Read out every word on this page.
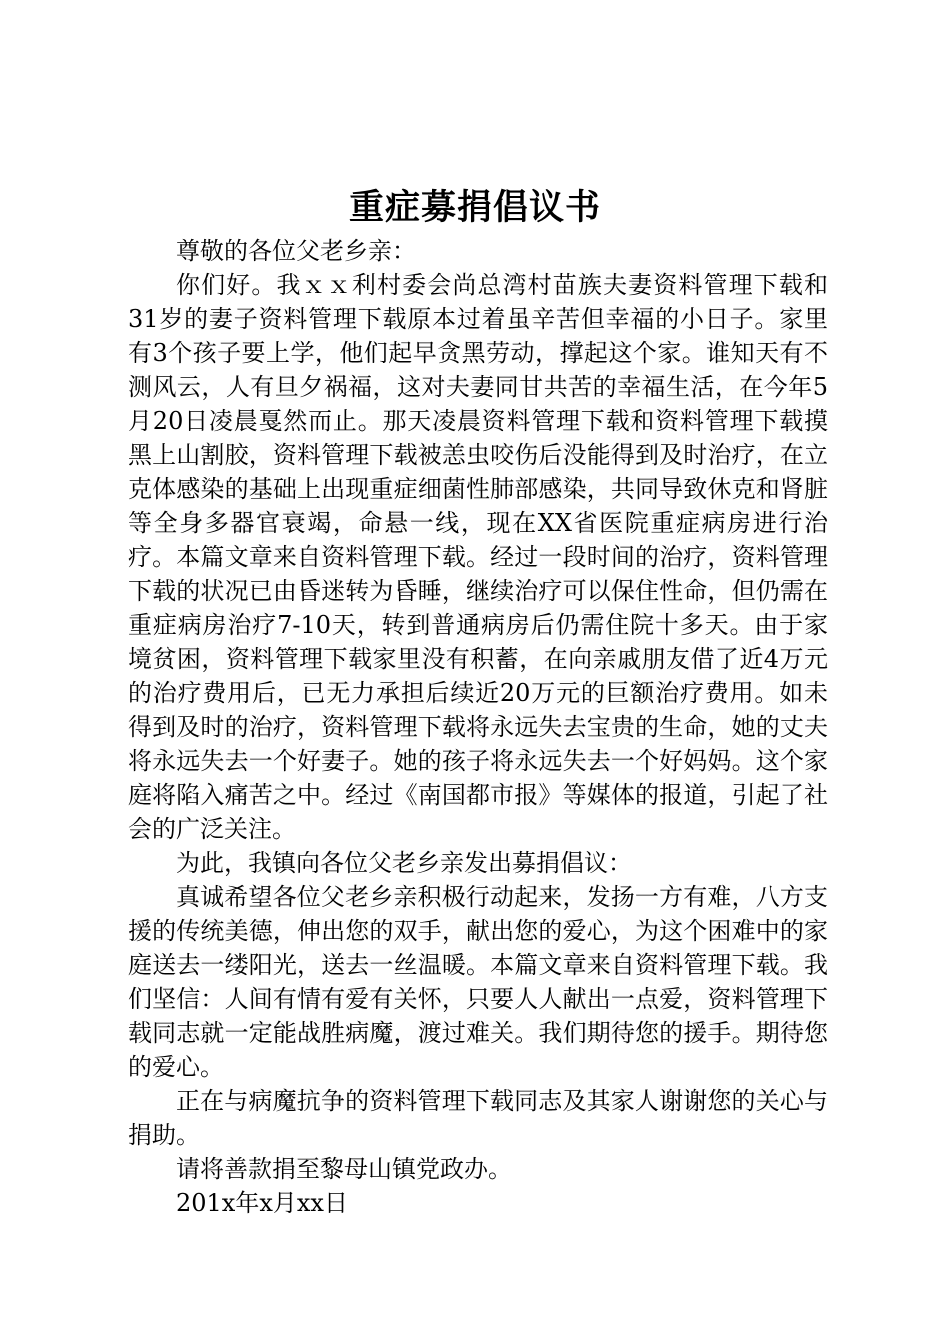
重症募捐倡议书

尊敬的各位父老乡亲：

你们好。我ｘｘ利村委会尚总湾村苗族夫妻资料管理下载和31岁的妻子资料管理下载原本过着虽辛苦但幸福的小日子。家里有3个孩子要上学，他们起早贪黑劳动，撑起这个家。谁知天有不测风云，人有旦夕祸福，这对夫妻同甘共苦的幸福生活，在今年5月20日凌晨戛然而止。那天凌晨资料管理下载和资料管理下载摸黑上山割胶，资料管理下载被恙虫咬伤后没能得到及时治疗，在立克体感染的基础上出现重症细菌性肺部感染，共同导致休克和肾脏等全身多器官衰竭，命悬一线，现在XX省医院重症病房进行治疗。本篇文章来自资料管理下载。经过一段时间的治疗，资料管理下载的状况已由昏迷转为昏睡，继续治疗可以保住性命，但仍需在重症病房治疗7-10天，转到普通病房后仍需住院十多天。由于家境贫困，资料管理下载家里没有积蓄，在向亲戚朋友借了近4万元的治疗费用后，已无力承担后续近20万元的巨额治疗费用。如未得到及时的治疗，资料管理下载将永远失去宝贵的生命，她的丈夫将永远失去一个好妻子。她的孩子将永远失去一个好妈妈。这个家庭将陷入痛苦之中。经过《南国都市报》等媒体的报道，引起了社会的广泛关注。

为此，我镇向各位父老乡亲发出募捐倡议：

真诚希望各位父老乡亲积极行动起来，发扬一方有难，八方支援的传统美德，伸出您的双手，献出您的爱心，为这个困难中的家庭送去一缕阳光，送去一丝温暖。本篇文章来自资料管理下载。我们坚信：人间有情有爱有关怀，只要人人献出一点爱，资料管理下载同志就一定能战胜病魔，渡过难关。我们期待您的援手。期待您的爱心。

正在与病魔抗争的资料管理下载同志及其家人谢谢您的关心与捐助。

请将善款捐至黎母山镇党政办。

201x年x月xx日
